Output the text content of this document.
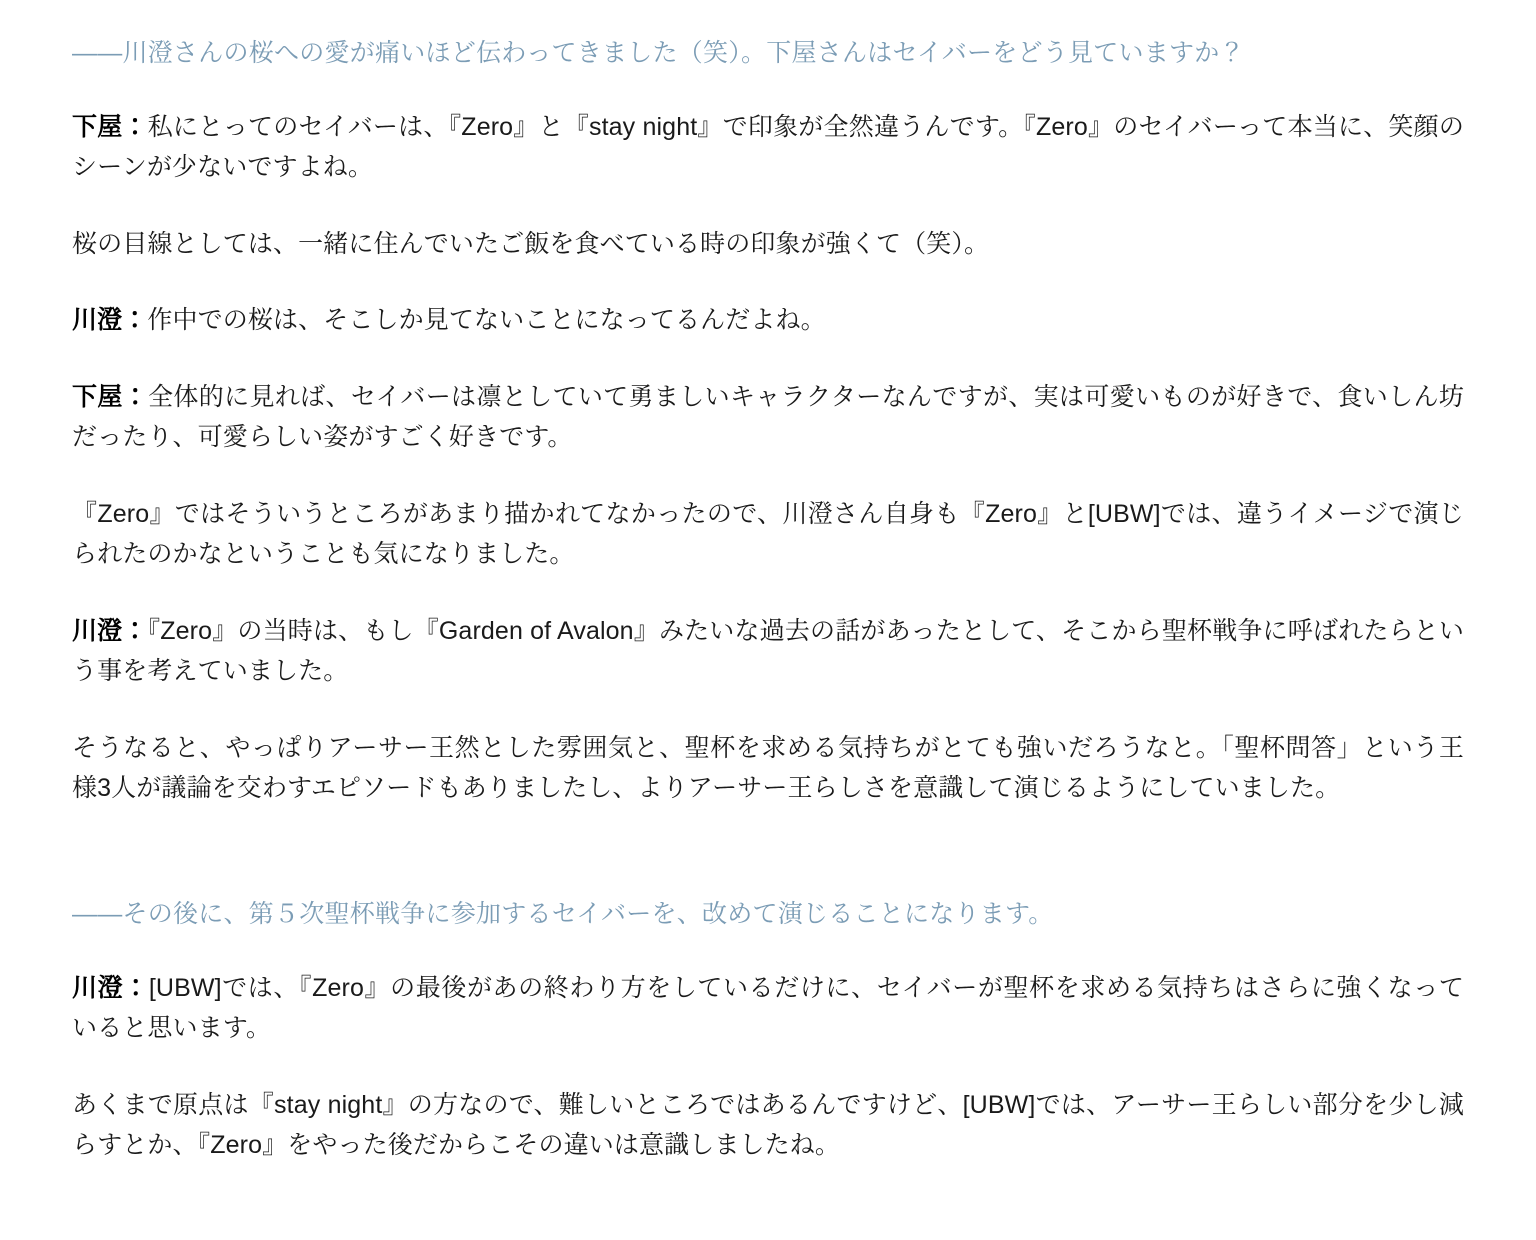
――川澄さんの桜への愛が痛いほど伝わってきました（笑）。下屋さんはセイバーをどう見ていますか？

下屋：私にとってのセイバーは、『Zero』と『stay night』で印象が全然違うんです。『Zero』のセイバーって本当に、笑顔のシーンが少ないですよね。

桜の目線としては、一緒に住んでいたご飯を食べている時の印象が強くて（笑）。

川澄：作中での桜は、そこしか見てないことになってるんだよね。

下屋：全体的に見れば、セイバーは凛としていて勇ましいキャラクターなんですが、実は可愛いものが好きで、食いしん坊だったり、可愛らしい姿がすごく好きです。

『Zero』ではそういうところがあまり描かれてなかったので、川澄さん自身も『Zero』と[UBW]では、違うイメージで演じられたのかなということも気になりました。

川澄：『Zero』の当時は、もし『Garden of Avalon』みたいな過去の話があったとして、そこから聖杯戦争に呼ばれたらという事を考えていました。

そうなると、やっぱりアーサー王然とした雰囲気と、聖杯を求める気持ちがとても強いだろうなと。「聖杯問答」という王様3人が議論を交わすエピソードもありましたし、よりアーサー王らしさを意識して演じるようにしていました。

――その後に、第５次聖杯戦争に参加するセイバーを、改めて演じることになります。

川澄：[UBW]では、『Zero』の最後があの終わり方をしているだけに、セイバーが聖杯を求める気持ちはさらに強くなっていると思います。

あくまで原点は『stay night』の方なので、難しいところではあるんですけど、[UBW]では、アーサー王らしい部分を少し減らすとか、『Zero』をやった後だからこその違いは意識しましたね。
